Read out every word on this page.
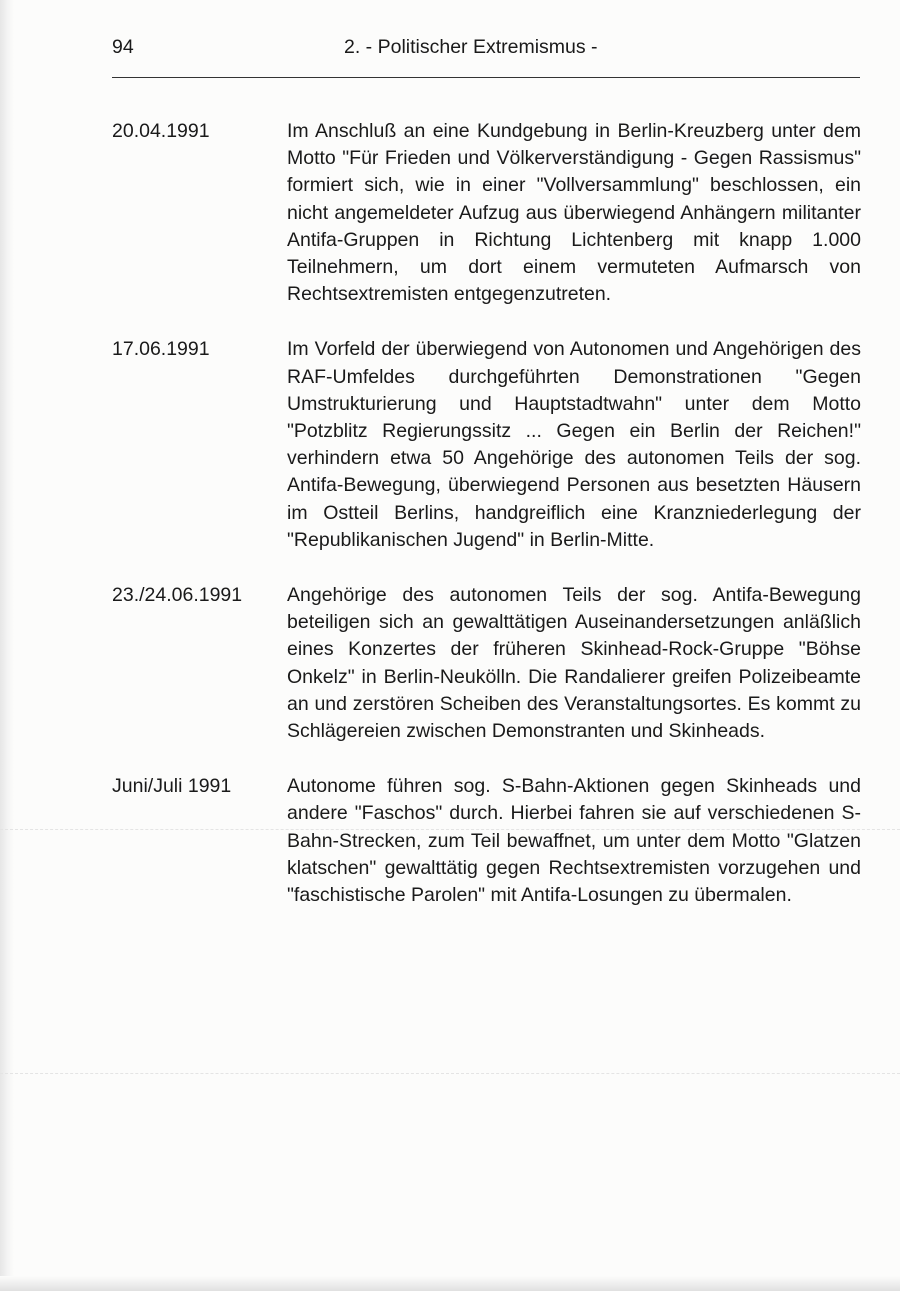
94	2. - Politischer Extremismus -
20.04.1991	Im Anschluß an eine Kundgebung in Berlin-Kreuzberg unter dem Motto "Für Frieden und Völkerverständigung - Gegen Rassismus" formiert sich, wie in einer "Vollversammlung" beschlossen, ein nicht angemeldeter Aufzug aus überwiegend Anhängern militanter Antifa-Gruppen in Richtung Lichtenberg mit knapp 1.000 Teilnehmern, um dort einem vermuteten Aufmarsch von Rechtsextremisten entgegenzutreten.
17.06.1991	Im Vorfeld der überwiegend von Autonomen und Angehörigen des RAF-Umfeldes durchgeführten Demonstrationen "Gegen Umstrukturierung und Hauptstadtwahn" unter dem Motto "Potzblitz Regierungssitz ... Gegen ein Berlin der Reichen!" verhindern etwa 50 Angehörige des autonomen Teils der sog. Antifa-Bewegung, überwiegend Personen aus besetzten Häusern im Ostteil Berlins, handgreiflich eine Kranzniederlegung der "Republikanischen Jugend" in Berlin-Mitte.
23./24.06.1991	Angehörige des autonomen Teils der sog. Antifa-Bewegung beteiligen sich an gewalttätigen Auseinandersetzungen anläßlich eines Konzertes der früheren Skinhead-Rock-Gruppe "Böhse Onkelz" in Berlin-Neukölln. Die Randalierer greifen Polizeibeamte an und zerstören Scheiben des Veranstaltungsortes. Es kommt zu Schlägereien zwischen Demonstranten und Skinheads.
Juni/Juli 1991	Autonome führen sog. S-Bahn-Aktionen gegen Skinheads und andere "Faschos" durch. Hierbei fahren sie auf verschiedenen S-Bahn-Strecken, zum Teil bewaffnet, um unter dem Motto "Glatzen klatschen" gewalttätig gegen Rechtsextremisten vorzugehen und "faschistische Parolen" mit Antifa-Losungen zu übermalen.
